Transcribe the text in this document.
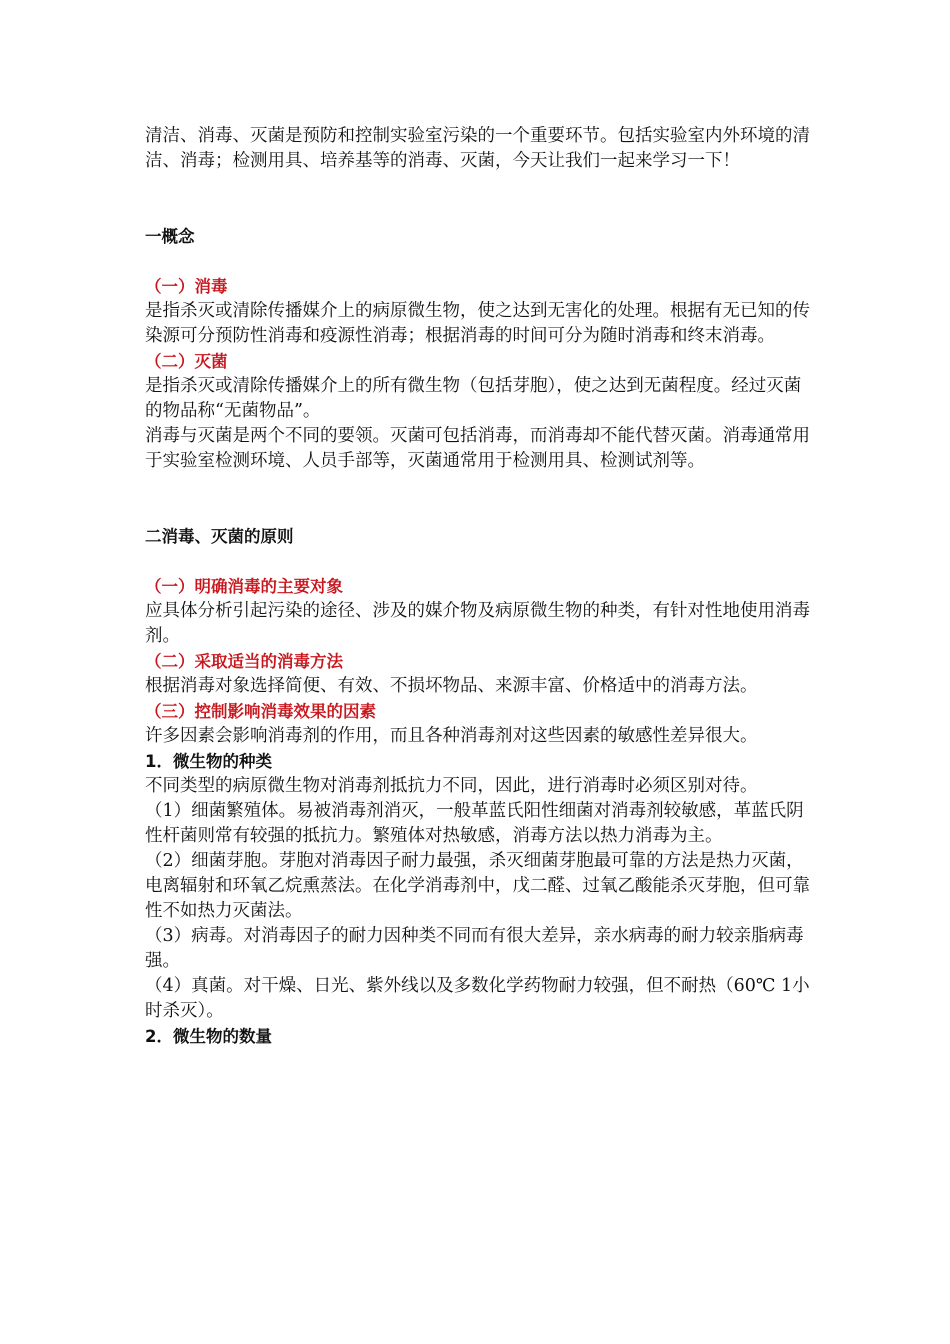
清洁、消毒、灭菌是预防和控制实验室污染的一个重要环节。包括实验室内外环境的清洁、消毒；检测用具、培养基等的消毒、灭菌，今天让我们一起来学习一下！

一概念

（一）消毒

是指杀灭或清除传播媒介上的病原微生物，使之达到无害化的处理。根据有无已知的传染源可分预防性消毒和疫源性消毒；根据消毒的时间可分为随时消毒和终末消毒。

（二）灭菌

是指杀灭或清除传播媒介上的所有微生物（包括芽胞），使之达到无菌程度。经过灭菌的物品称“无菌物品”。

消毒与灭菌是两个不同的要领。灭菌可包括消毒，而消毒却不能代替灭菌。消毒通常用于实验室检测环境、人员手部等，灭菌通常用于检测用具、检测试剂等。

二消毒、灭菌的原则

（一）明确消毒的主要对象

应具体分析引起污染的途径、涉及的媒介物及病原微生物的种类，有针对性地使用消毒剂。

（二）采取适当的消毒方法

根据消毒对象选择简便、有效、不损坏物品、来源丰富、价格适中的消毒方法。

（三）控制影响消毒效果的因素

许多因素会影响消毒剂的作用，而且各种消毒剂对这些因素的敏感性差异很大。

1．微生物的种类

不同类型的病原微生物对消毒剂抵抗力不同，因此，进行消毒时必须区别对待。

（1）细菌繁殖体。易被消毒剂消灭，一般革蓝氏阳性细菌对消毒剂较敏感，革蓝氏阴性杆菌则常有较强的抵抗力。繁殖体对热敏感，消毒方法以热力消毒为主。

（2）细菌芽胞。芽胞对消毒因子耐力最强，杀灭细菌芽胞最可靠的方法是热力灭菌，电离辐射和环氧乙烷熏蒸法。在化学消毒剂中，戊二醛、过氧乙酸能杀灭芽胞，但可靠性不如热力灭菌法。

（3）病毒。对消毒因子的耐力因种类不同而有很大差异，亲水病毒的耐力较亲脂病毒强。

（4）真菌。对干燥、日光、紫外线以及多数化学药物耐力较强，但不耐热（60℃ 1小时杀灭）。

2．微生物的数量
